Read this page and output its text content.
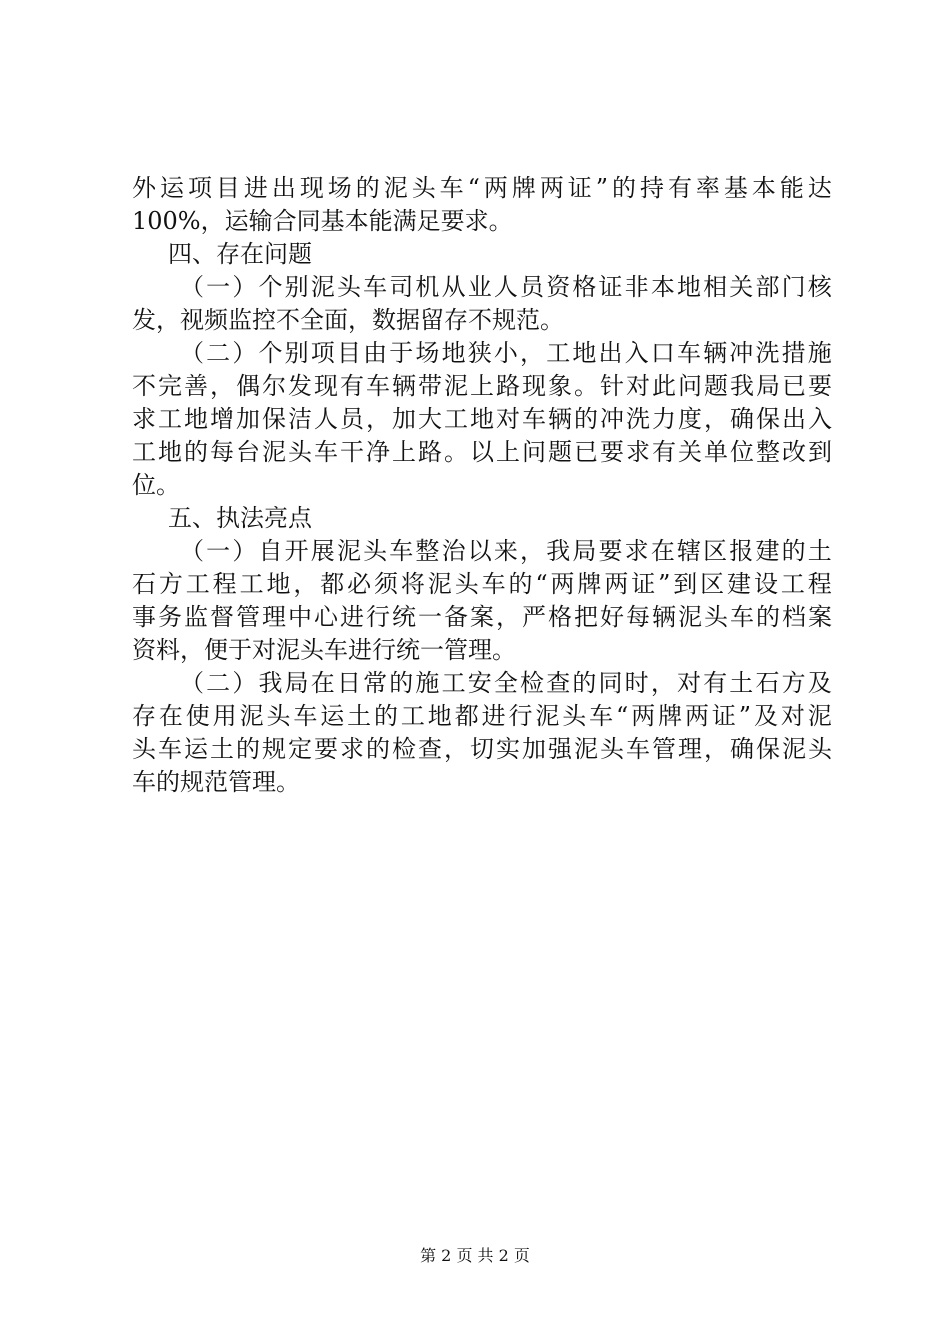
外 运 项 目 进 出 现 场 的 泥 头 车 “ 两 牌 两 证 ” 的 持 有 率 基 本 能 达
100%，运输合同基本能满足要求。
四、存在问题
（ 一 ） 个 别 泥 头 车 司 机 从 业 人 员 资 格 证 非 本 地 相 关 部 门 核
发，视频监控不全面，数据留存不规范。
（ 二 ） 个 别 项 目 由 于 场 地 狭 小 ， 工 地 出 入 口 车 辆 冲 洗 措 施
不 完 善 ， 偶 尔 发 现 有 车 辆 带 泥 上 路 现 象 。 针 对 此 问 题 我 局 已 要
求 工 地 增 加 保 洁 人 员 ， 加 大 工 地 对 车 辆 的 冲 洗 力 度 ， 确 保 出 入
工 地 的 每 台 泥 头 车 干 净 上 路 。 以 上 问 题 已 要 求 有 关 单 位 整 改 到
位。
五、执法亮点
（ 一 ） 自 开 展 泥 头 车 整 治 以 来 ， 我 局 要 求 在 辖 区 报 建 的 土
石 方 工 程 工 地 ， 都 必 须 将 泥 头 车 的 “ 两 牌 两 证 ” 到 区 建 设 工 程
事 务 监 督 管 理 中 心 进 行 统 一 备 案 ， 严 格 把 好 每 辆 泥 头 车 的 档 案
资料，便于对泥头车进行统一管理。
（ 二 ） 我 局 在 日 常 的 施 工 安 全 检 查 的 同 时 ， 对 有 土 石 方 及
存 在 使 用 泥 头 车 运 土 的 工 地 都 进 行 泥 头 车 “ 两 牌 两 证 ” 及 对 泥
头 车 运 土 的 规 定 要 求 的 检 查 ， 切 实 加 强 泥 头 车 管 理 ， 确 保 泥 头
车的规范管理。
第 2 页 共 2 页
